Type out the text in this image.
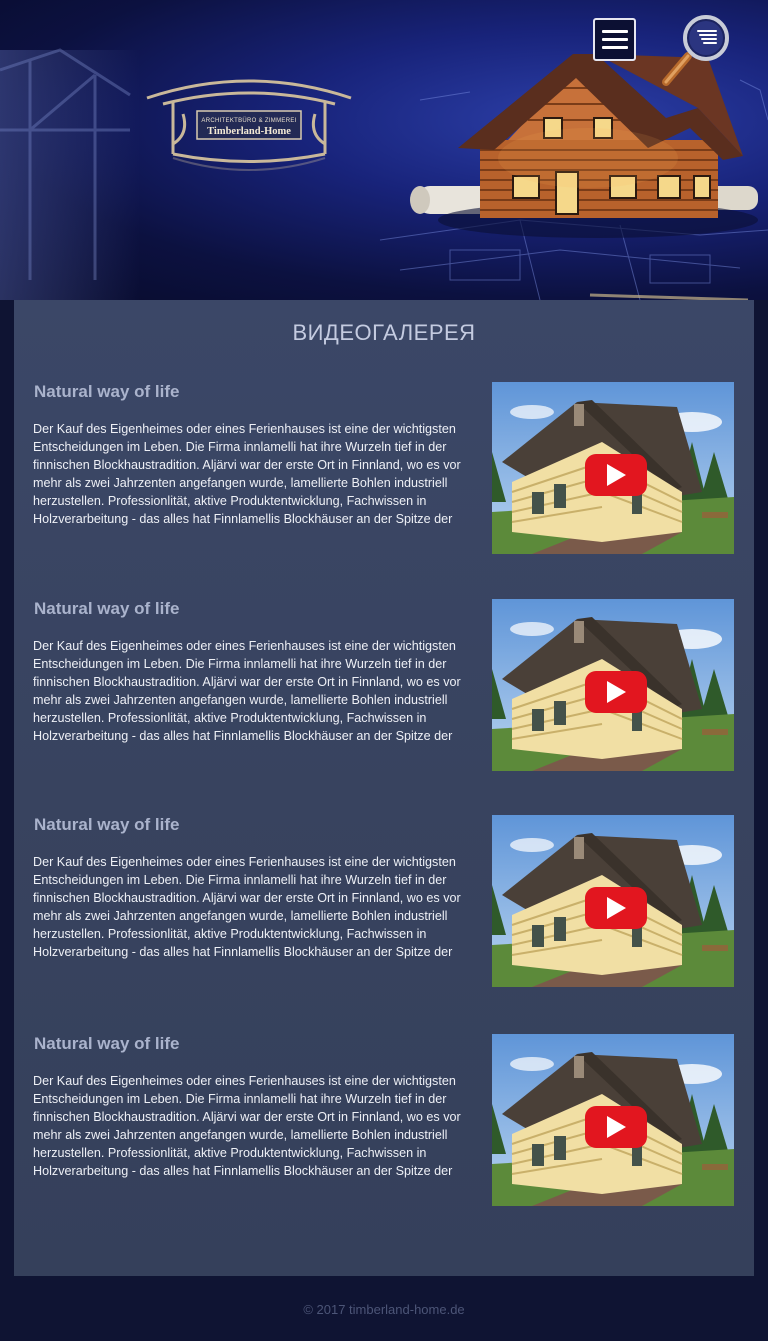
ARCHITEKTBÜRO & ZIMMEREI
Timberland-Home
ВИДЕОГАЛЕРЕЯ
Natural way of life
Der Kauf des Eigenheimes oder eines Ferienhauses ist eine der wichtigsten Entscheidungen im Leben. Die Firma innlamelli hat ihre Wurzeln tief in der finnischen Blockhaustradition. Aljärvi war der erste Ort in Finnland, wo es vor mehr als zwei Jahrzenten angefangen wurde, lamellierte Bohlen industriell herzustellen. Professionlität, aktive Produktentwicklung, Fachwissen in Holzverarbeitung - das alles hat Finnlamellis Blockhäuser an der Spitze der
Natural way of life
Der Kauf des Eigenheimes oder eines Ferienhauses ist eine der wichtigsten Entscheidungen im Leben. Die Firma innlamelli hat ihre Wurzeln tief in der finnischen Blockhaustradition. Aljärvi war der erste Ort in Finnland, wo es vor mehr als zwei Jahrzenten angefangen wurde, lamellierte Bohlen industriell herzustellen. Professionlität, aktive Produktentwicklung, Fachwissen in Holzverarbeitung - das alles hat Finnlamellis Blockhäuser an der Spitze der
Natural way of life
Der Kauf des Eigenheimes oder eines Ferienhauses ist eine der wichtigsten Entscheidungen im Leben. Die Firma innlamelli hat ihre Wurzeln tief in der finnischen Blockhaustradition. Aljärvi war der erste Ort in Finnland, wo es vor mehr als zwei Jahrzenten angefangen wurde, lamellierte Bohlen industriell herzustellen. Professionlität, aktive Produktentwicklung, Fachwissen in Holzverarbeitung - das alles hat Finnlamellis Blockhäuser an der Spitze der
Natural way of life
Der Kauf des Eigenheimes oder eines Ferienhauses ist eine der wichtigsten Entscheidungen im Leben. Die Firma innlamelli hat ihre Wurzeln tief in der finnischen Blockhaustradition. Aljärvi war der erste Ort in Finnland, wo es vor mehr als zwei Jahrzenten angefangen wurde, lamellierte Bohlen industriell herzustellen. Professionlität, aktive Produktentwicklung, Fachwissen in Holzverarbeitung - das alles hat Finnlamellis Blockhäuser an der Spitze der
© 2017 timberland-home.de
